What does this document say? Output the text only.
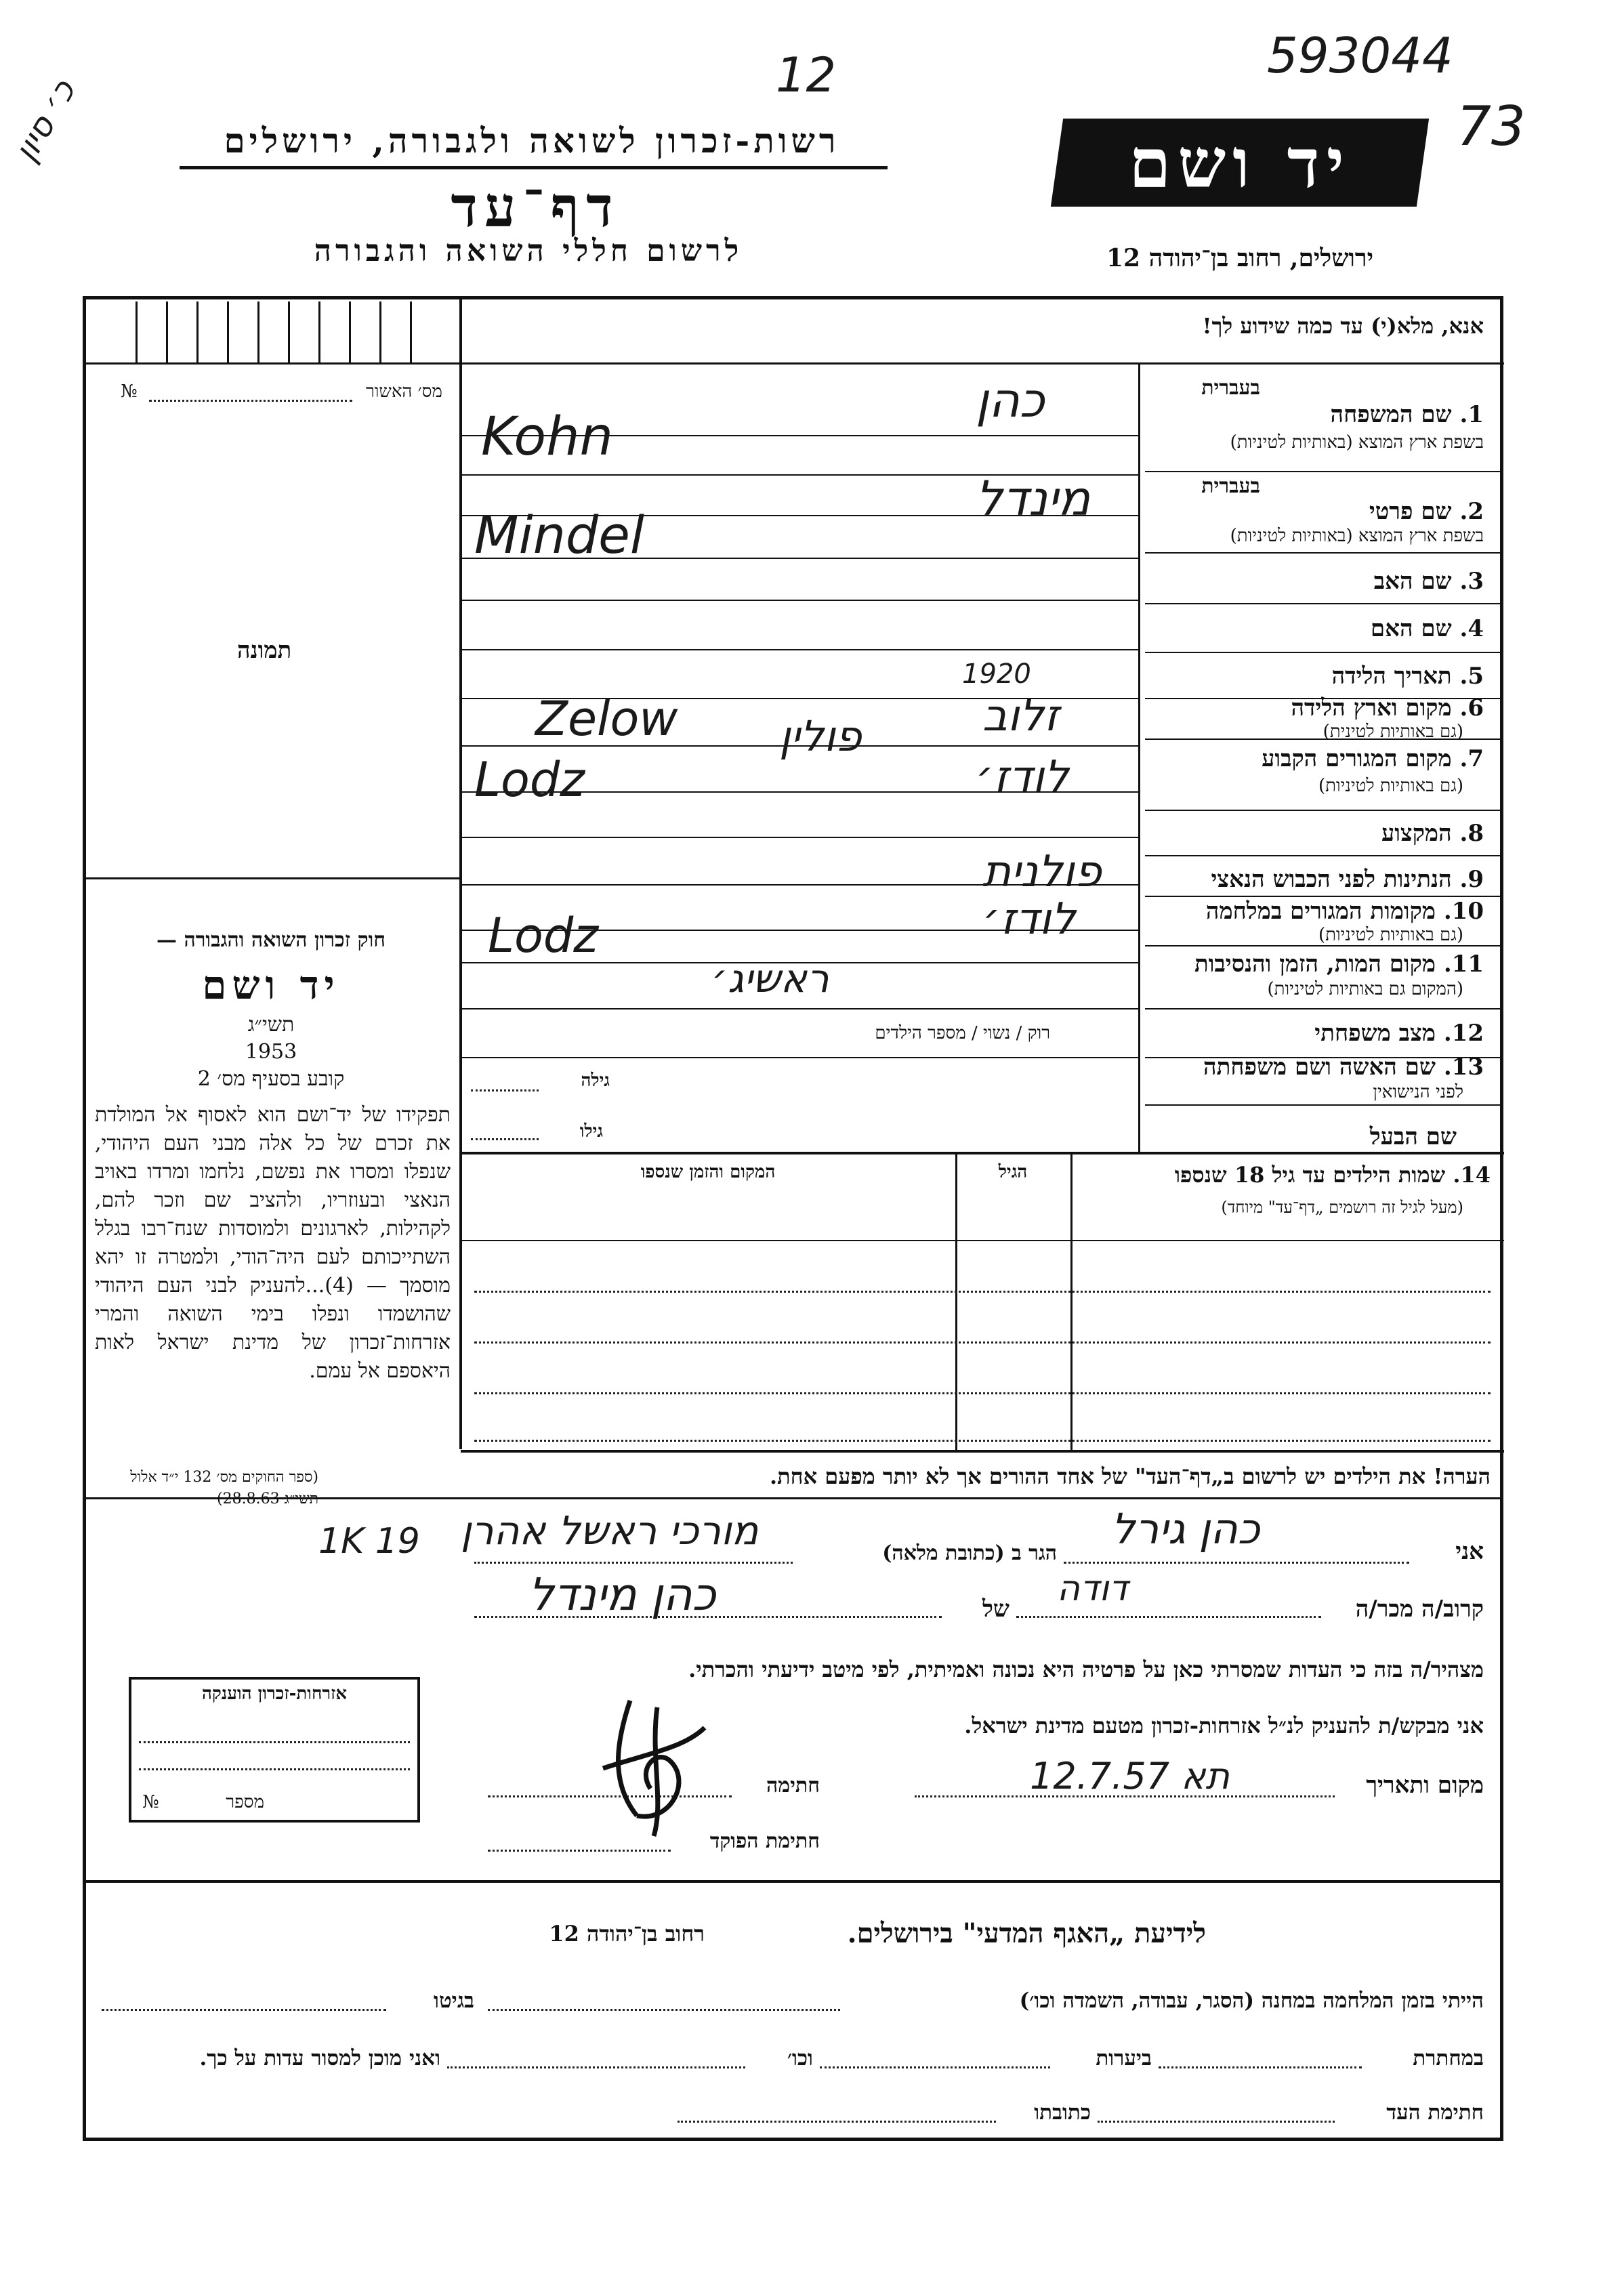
593044
12
73
כ׳ סיון	רשות-זכרון לשואה ולגבורה, ירושלים
דף־עד
לרשום חללי השואה והגבורה
יד ושם
ירושלים, רחוב בן־יהודה 12
מס׳ האשור
№
תמונה
חוק זכרון השואה והגבורה —
יד ושם
תשי״ג
1953
קובע בסעיף מס׳ 2
תפקידו של יד־ושם הוא לאסוף אל המולדת את זכרם של כל אלה מבני העם היהודי, שנפלו ומסרו את נפשם, נלחמו ומרדו באויב הנאצי ובעוזריו, ולהציב שם וזכר להם, לקהילות, לארגונים ולמוסדות שנח־רבו בגלל השתייכותם לעם היה־הודי, ולמטרה זו יהא מוסמך — (4)...להעניק לבני העם היהודי שהושמדו ונפלו בימי השואה והמרי אזרחות־זכרון של מדינת ישראל לאות היאספם אל עמם.
(ספר החוקים מס׳ 132 י״ד אלול
אנא, מלא(י) עד כמה שידוע לך!
בעברית
1. שם המשפחה
בשפת ארץ המוצא (באותיות לטיניות)
בעברית
2. שם פרטי
בשפת ארץ המוצא (באותיות לטיניות)
3. שם האב
4. שם האם
5. תאריך הלידה
6. מקום וארץ הלידה
(גם באותיות לטינית)
7. מקום המגורים הקבוע
(גם באותיות לטיניות)
8. המקצוע
9. הנתינות לפני הכבוש הנאצי
10. מקומות המגורים במלחמה
(גם באותיות לטיניות)
11. מקום המות, הזמן והנסיבות
(המקום גם באותיות לטיניות)
12. מצב משפחתי
רוק / נשוי / מספר הילדים
13. שם האשה ושם משפחתה
לפני הנישואין
גילה
שם הבעל
גילו
כהן
Kohn
מינדל
Mindel
1920
זלוב
Zelow פולין
לודז׳
Lodz
פולנית
לודז׳
Lodz
ראשיג׳
14. שמות הילדים עד גיל 18 שנספו
(מעל לגיל זה רושמים „דף־עד" מיוחד)
הגיל
המקום והזמן שנספו
הערה! את הילדים יש לרשום ב„דף־העד" של אחד ההורים אך לא יותר מפעם אחת.
1K 19	אני
כהן גירל
הגר ב (כתובת מלאה)
מורכי ראשל אהרן
קרוב/ה מכר/ה
דודה
של
כהן מינדל
מצהיר/ה בזה כי העדות שמסרתי כאן על פרטיה היא נכונה ואמיתית, לפי מיטב ידיעתי והכרתי.
אני מבקש/ת להעניק לנ״ל אזרחות-זכרון מטעם מדינת ישראל.
מקום ותאריך
תא 12.7.57
חתימה
חתימת הפוקד
אזרחות-זכרון הוענקה
מספר
№
לידיעת „האגף המדעי" בירושלים.
רחוב בן־יהודה 12
הייתי בזמן המלחמה במחנה (הסגר, עבודה, השמדה וכו׳)
בגיטו
במחתרת
ביערות
וכו׳
ואני מוכן למסור עדות על כך.
חתימת העד
כתובתו
